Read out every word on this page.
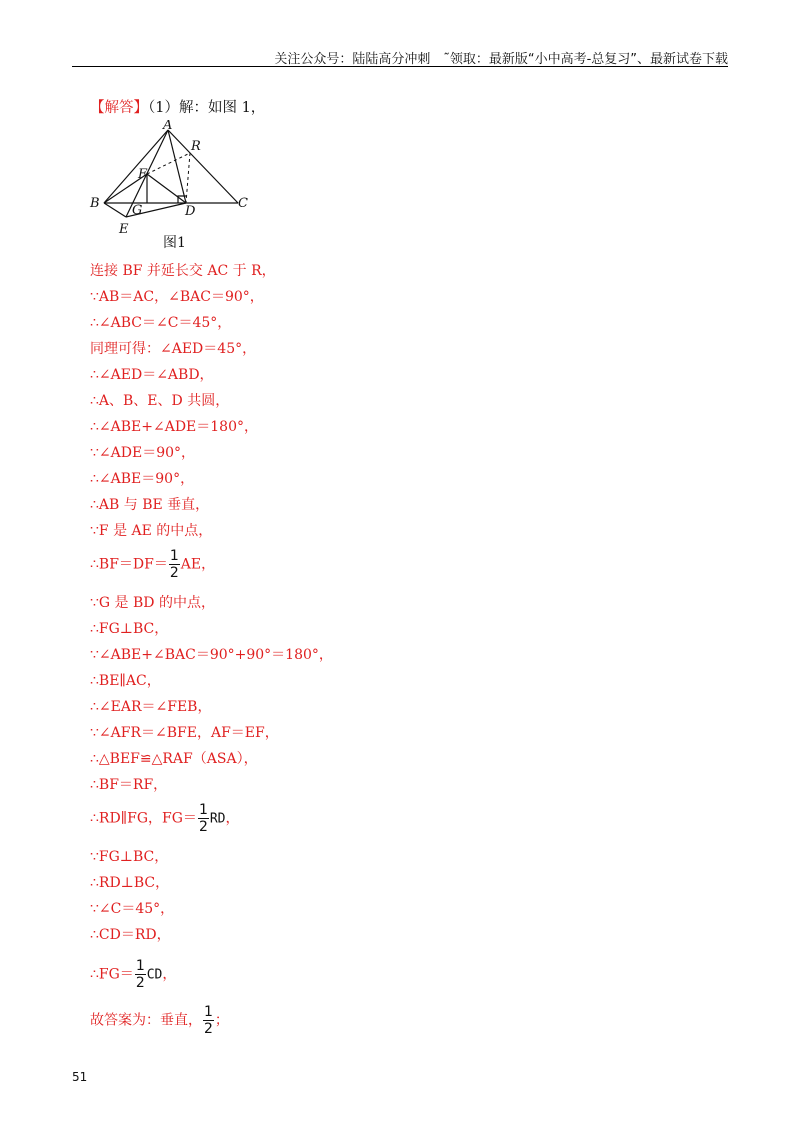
关注公众号：陆陆高分冲刺　˜领取：最新版“小中高考-总复习”、最新试卷下载
【解答】（1）解：如图 1，
A
R
F
B G	D
C
E
图1
连接 BF 并延长交 AC 于 R，
∵AB＝AC，∠BAC＝90°，
∴∠ABC＝∠C＝45°，
同理可得：∠AED＝45°，
∴∠AED＝∠ABD，
∴A、B、E、D 共圆，
∴∠ABE+∠ADE＝180°，
∵∠ADE＝90°，
∴∠ABE＝90°，
∴AB 与 BE 垂直，
∵F 是 AE 的中点，
∴BF＝DF＝ $\frac{1}{2}$ AE，
∵G 是 BD 的中点，
∴FG⊥BC，
∵∠ABE+∠BAC＝90°+90°＝180°，
∴BE∥AC，
∴∠EAR＝∠FEB，
∵∠AFR＝∠BFE，AF＝EF，
∴△BEF≌△RAF（ASA），
∴BF＝RF，
∴RD∥FG，$FG= \frac{1}{2}$ RD，
∵FG⊥BC，
∴RD⊥BC，
∵∠C＝45°，
∴CD＝RD，
∴FG＝ $\frac{1}{2}$ CD，
故答案为：垂直， $\frac{1}{2}$ ；
51
